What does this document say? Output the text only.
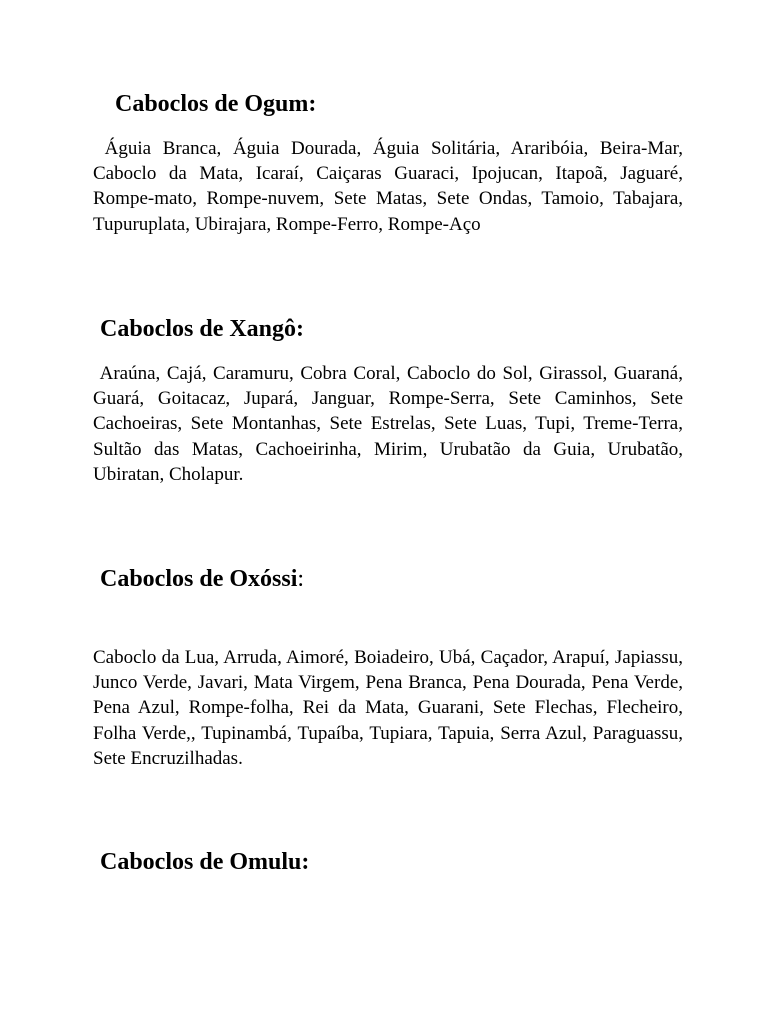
Caboclos de Ogum:
Águia Branca, Águia Dourada, Águia Solitária, Araribóia, Beira-Mar, Caboclo da Mata, Icaraí, Caiçaras Guaraci, Ipojucan, Itapoã, Jaguaré, Rompe-mato, Rompe-nuvem, Sete Matas, Sete Ondas, Tamoio, Tabajara, Tupuruplata, Ubirajara, Rompe-Ferro, Rompe-Aço
Caboclos de Xangô:
Araúna, Cajá, Caramuru, Cobra Coral, Caboclo do Sol, Girassol, Guaraná, Guará, Goitacaz, Jupará, Janguar, Rompe-Serra, Sete Caminhos, Sete Cachoeiras, Sete Montanhas, Sete Estrelas, Sete Luas, Tupi, Treme-Terra, Sultão das Matas, Cachoeirinha, Mirim, Urubatão da Guia, Urubatão, Ubiratan, Cholapur.
Caboclos de Oxóssi:
Caboclo da Lua, Arruda, Aimoré, Boiadeiro, Ubá, Caçador, Arapuí, Japiassu, Junco Verde, Javari, Mata Virgem, Pena Branca, Pena Dourada, Pena Verde, Pena Azul, Rompe-folha, Rei da Mata, Guarani, Sete Flechas, Flecheiro, Folha Verde,, Tupinambá, Tupaíba, Tupiara, Tapuia, Serra Azul, Paraguassu, Sete Encruzilhadas.
Caboclos de Omulu:
